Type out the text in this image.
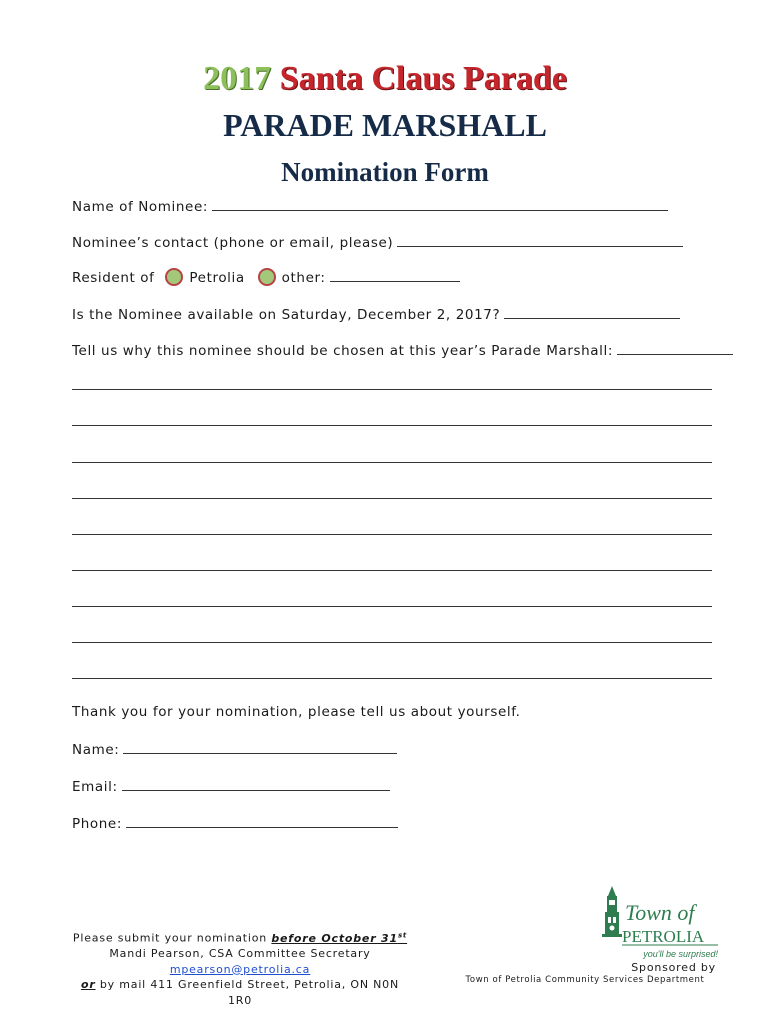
2017 Santa Claus Parade
PARADE MARSHALL
Nomination Form
Name of Nominee:
Nominee’s contact (phone or email, please)
Resident of	Petrolia	other:
Is the Nominee available on Saturday, December 2, 2017?
Tell us why this nominee should be chosen at this year’s Parade Marshall:
Thank you for your nomination, please tell us about yourself.
Name:
Email:
Phone:
Please submit your nomination before October 31st
Mandi Pearson, CSA Committee Secretary
mpearson@petrolia.ca
or by mail 411 Greenfield Street, Petrolia, ON N0N 1R0
Town of
PETROLIA
you'll be surprised!
Sponsored by
Town of Petrolia Community Services Department
